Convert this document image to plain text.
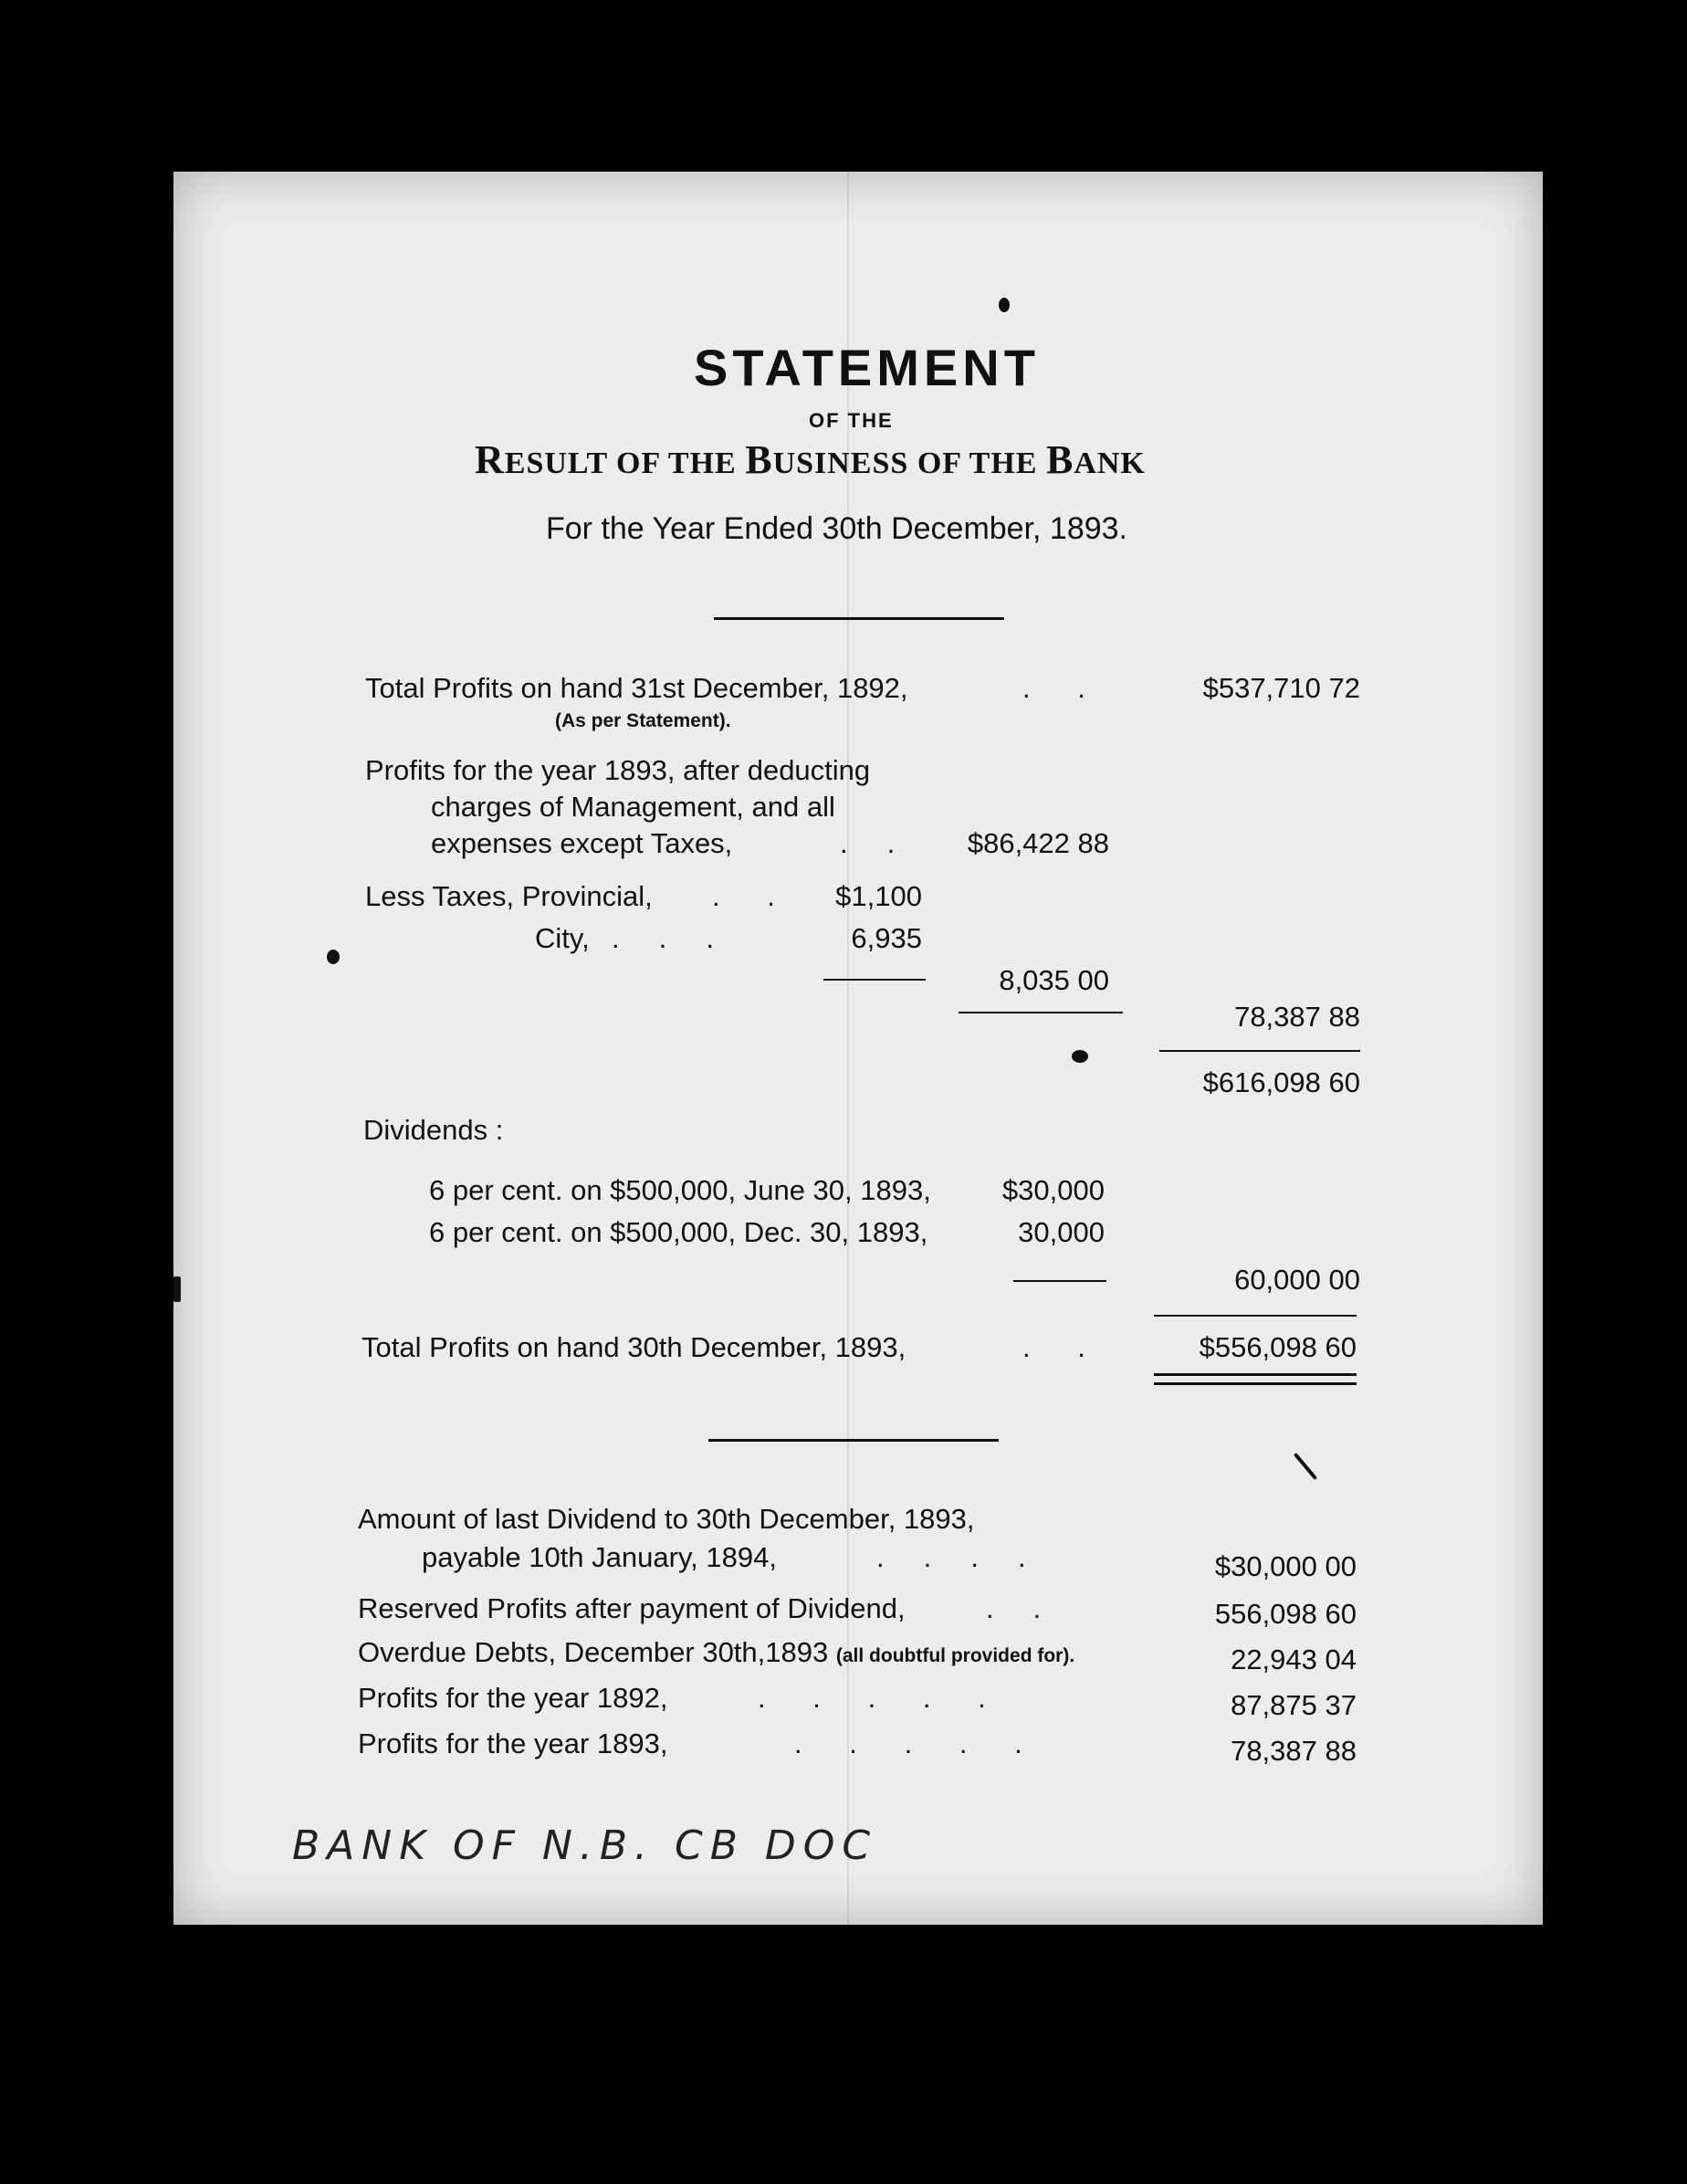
STATEMENT
OF THE
RESULT OF THE BUSINESS OF THE BANK
For the Year Ended 30th December, 1893.
Total Profits on hand 31st December, 1892,	.      .	$537,710 72
(As per Statement).
Profits for the year 1893, after deducting
charges of Management, and all
expenses except Taxes,	.     .	$86,422 88
Less Taxes, Provincial, .      .	$1,100
City, .     .     .	6,935
8,035 00
78,387 88
$616,098 60
Dividends :
6 per cent. on $500,000, June 30, 1893,	$30,000
6 per cent. on $500,000, Dec. 30, 1893,	30,000
60,000 00
Total Profits on hand 30th December, 1893,	.      .	$556,098 60
Amount of last Dividend to 30th December, 1893,
payable 10th January, 1894,	.     .     .     .	$30,000 00
Reserved Profits after payment of Dividend,	.     .	556,098 60
Overdue Debts, December 30th,1893 (all doubtful provided for).	22,943 04
Profits for the year 1892,	.      .      .      .      .	87,875 37
Profits for the year 1893,	.      .      .      .      .	78,387 88
BANK OF N.B. CB DOC
